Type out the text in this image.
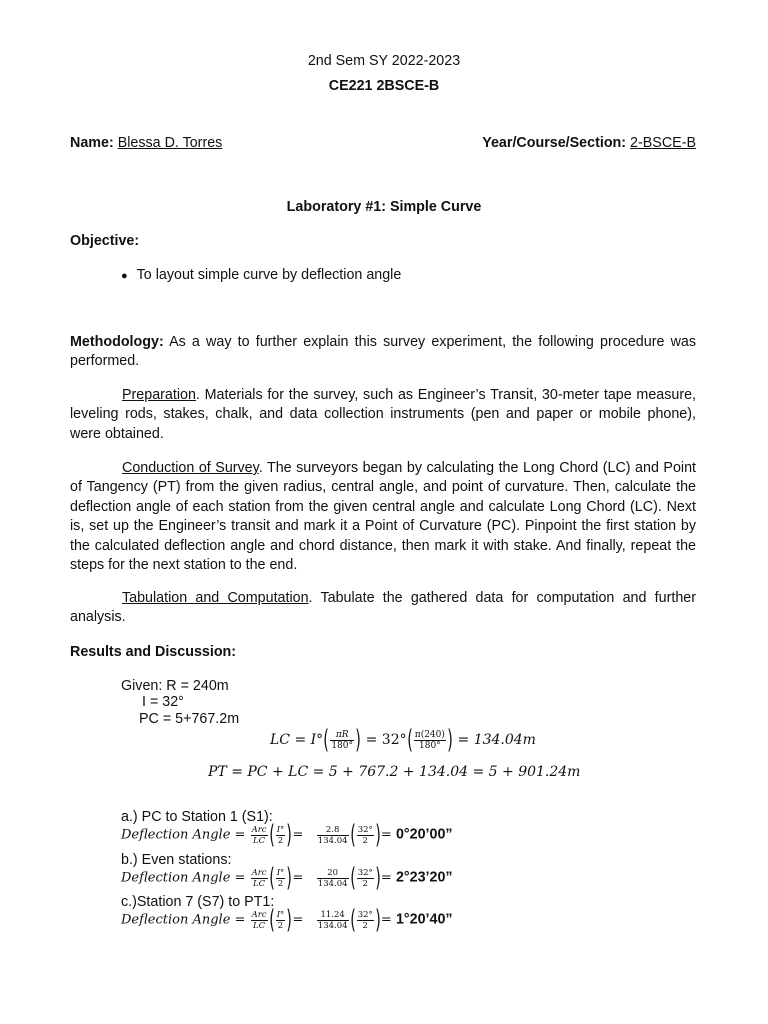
2nd Sem SY 2022-2023
CE221 2BSCE-B
Name: Blessa D. Torres	Year/Course/Section: 2-BSCE-B
Laboratory #1: Simple Curve
Objective:
● To layout simple curve by deflection angle
Methodology: As a way to further explain this survey experiment, the following procedure was performed.
Preparation. Materials for the survey, such as Engineer’s Transit, 30-meter tape measure, leveling rods, stakes, chalk, and data collection instruments (pen and paper or mobile phone), were obtained.
Conduction of Survey. The surveyors began by calculating the Long Chord (LC) and Point of Tangency (PT) from the given radius, central angle, and point of curvature. Then, calculate the deflection angle of each station from the given central angle and calculate Long Chord (LC). Next is, set up the Engineer’s transit and mark it a Point of Curvature (PC). Pinpoint the first station by the calculated deflection angle and chord distance, then mark it with stake. And finally, repeat the steps for the next station to the end.
Tabulation and Computation. Tabulate the gathered data for computation and further analysis.
Results and Discussion:
Given: R = 240m
I = 32°
PC = 5+767.2m
LC = $I^\circ( \frac{\pi R}{180^\circ}$ ) = $32^\circ( \frac{\pi(240)}{180^\circ}$ ) = 134.04m
PT = PC + LC = 5 + 767.2 + 134.04 = 5 + 901.24m
a.) PC to Station 1 (S1):
Deflection Angle = $\frac{\text{Arc}}{LC}$ ( $\frac{I^\circ}{2}$ )= $\frac{2.8}{134.04}$ ( $\frac{32^\circ}{2}$ )= 0°20’00”
b.) Even stations:
Deflection Angle = $\frac{\text{Arc}}{LC}$ ( $\frac{I^\circ}{2}$ )= $\frac{20}{134.04}$ ( $\frac{32^\circ}{2}$ )= 2°23’20”
c.)Station 7 (S7) to PT1:
Deflection Angle = $\frac{\text{Arc}}{LC}$ ( $\frac{I^\circ}{2}$ )= $\frac{11.24}{134.04}$ ( $\frac{32^\circ}{2}$ )= 1°20’40”
